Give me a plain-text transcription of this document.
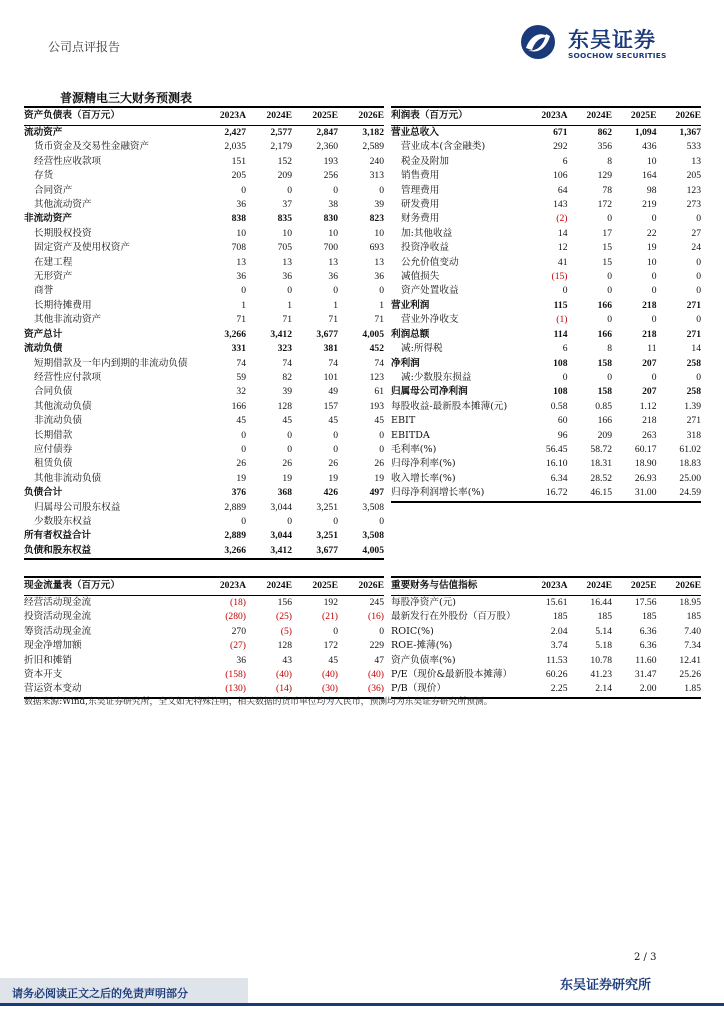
公司点评报告	东吴证券
SOOCHOW SECURITIES
普源精电三大财务预测表
资产负债表（百万元）	2023A	2024E	2025E	2026E
流动资产	2,427	2,577	2,847	3,182
货币资金及交易性金融资产	2,035	2,179	2,360	2,589
经营性应收款项	151	152	193	240
存货	205	209	256	313
合同资产	0	0	0	0
其他流动资产	36	37	38	39
非流动资产	838	835	830	823
长期股权投资	10	10	10	10
固定资产及使用权资产	708	705	700	693
在建工程	13	13	13	13
无形资产	36	36	36	36
商誉	0	0	0	0
长期待摊费用	1	1	1	1
其他非流动资产	71	71	71	71
资产总计	3,266	3,412	3,677	4,005
流动负债	331	323	381	452
短期借款及一年内到期的非流动负债	74	74	74	74
经营性应付款项	59	82	101	123
合同负债	32	39	49	61
其他流动负债	166	128	157	193
非流动负债	45	45	45	45
长期借款	0	0	0	0
应付债券	0	0	0	0
租赁负债	26	26	26	26
其他非流动负债	19	19	19	19
负债合计	376	368	426	497
归属母公司股东权益	2,889	3,044	3,251	3,508
少数股东权益	0	0	0	0
所有者权益合计	2,889	3,044	3,251	3,508
负债和股东权益	3,266	3,412	3,677	4,005
利润表（百万元）	2023A	2024E	2025E	2026E
营业总收入	671	862	1,094	1,367
营业成本(含金融类)	292	356	436	533
税金及附加	6	8	10	13
销售费用	106	129	164	205
管理费用	64	78	98	123
研发费用	143	172	219	273
财务费用	( 2 )	0	0	0
加:其他收益	14	17	22	27
投资净收益	12	15	19	24
公允价值变动	41	15	10	0
减值损失	( 15 )	0	0	0
资产处置收益	0	0	0	0
营业利润	115	166	218	271
营业外净收支	( 1 )	0	0	0
利润总额	114	166	218	271
减:所得税	6	8	11	14
净利润	108	158	207	258
减:少数股东损益	0	0	0	0
归属母公司净利润	108	158	207	258

每股收益-最新股本摊薄(元)	0.58	0.85	1.12	1.39

EBIT	60	166	218	271
EBITDA	96	209	263	318

毛利率(%)	56.45	58.72	60.17	61.02
归母净利率(%)	16.10	18.31	18.90	18.83

收入增长率(%)	6.34	28.52	26.93	25.00
归母净利润增长率(%)	16.72	46.15	31.00	24.59
现金流量表（百万元）	2023A	2024E	2025E	2026E
经营活动现金流	( 18 )	156	192	245
投资活动现金流	( 280 )	( 25 )	( 21 )	( 16 )
筹资活动现金流	270	( 5 )	0	0
现金净增加额	( 27 )	128	172	229
折旧和摊销	36	43	45	47
资本开支	( 158 )	( 40 )	( 40 )	( 40 )
营运资本变动	( 130 )	( 14 )	( 30 )	( 36 )
重要财务与估值指标	2023A	2024E	2025E	2026E
每股净资产(元)	15.61	16.44	17.56	18.95
最新发行在外股份（百万股）	185	185	185	185
ROIC(%)	2.04	5.14	6.36	7.40
ROE-摊薄(%)	3.74	5.18	6.36	7.34
资产负债率(%)	11.53	10.78	11.60	12.41
P/E（现价&最新股本摊薄）	60.26	41.23	31.47	25.26
P/B（现价）	2.25	2.14	2.00	1.85
数据来源:Wind,东吴证券研究所，全文如无特殊注明，相关数据的货币单位均为人民币，预测均为东吴证券研究所预测。
2 / 3
请务必阅读正文之后的免责声明部分
东吴证券研究所
